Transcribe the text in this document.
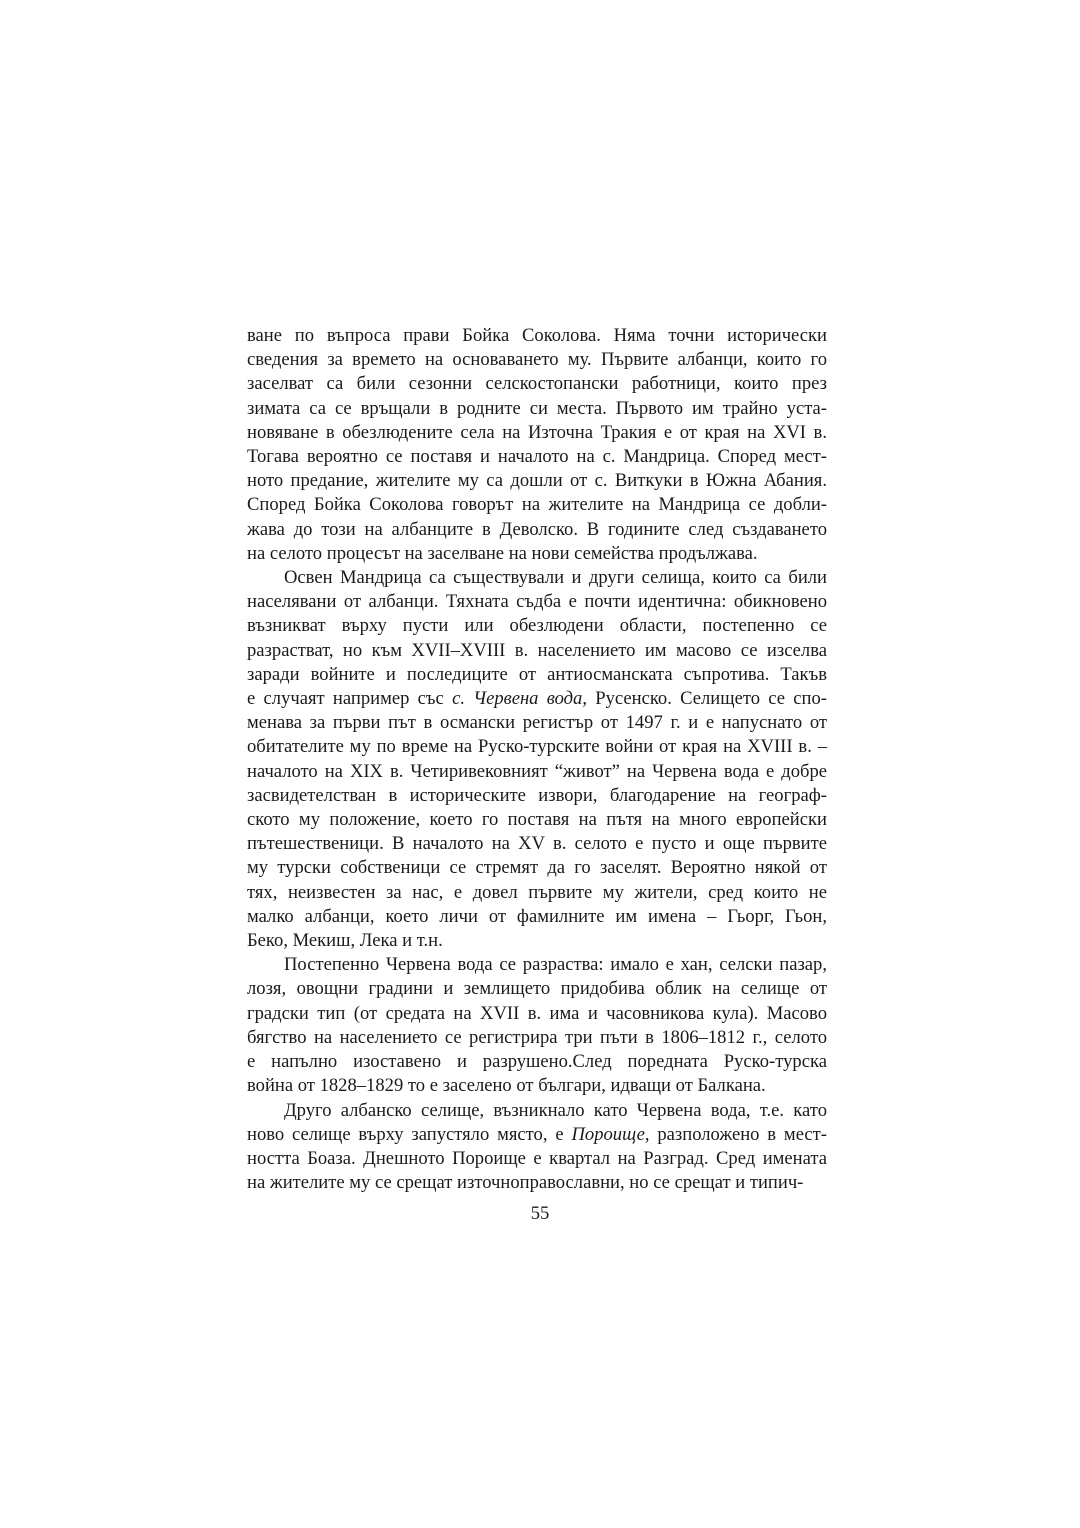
ване по въпроса прави Бойка Соколова. Няма точни исторически
сведения за времето на основаването му. Първите албанци, които го
заселват са били сезонни селскостопански работници, които през
зимата са се връщали в родните си места. Първото им трайно уста-
новяване в обезлюдените села на Източна Тракия е от края на XVI в.
Тогава вероятно се поставя и началото на с. Мандрица. Според мест-
ното предание, жителите му са дошли от с. Виткуки в Южна Абания.
Според Бойка Соколова говорът на жителите на Мандрица се добли-
жава до този на албанците в Деволско. В годините след създаването
на селото процесът на заселване на нови семейства продължава.
Освен Мандрица са съществували и други селища, които са били
населявани от албанци. Тяхната съдба е почти идентична: обикновено
възникват върху пусти или обезлюдени области, постепенно се
разрастват, но към XVII–XVIII в. населението им масово се изселва
заради войните и последиците от антиосманската съпротива. Такъв
е случаят например със с. Червена вода, Русенско. Селището се спо-
менава за първи път в османски регистър от 1497 г. и е напуснато от
обитателите му по време на Руско-турските войни от края на XVIII в. –
началото на XIX в. Четиривековният “живот” на Червена вода е добре
засвидетелстван в историческите извори, благодарение на географ-
ското му положение, което го поставя на пътя на много европейски
пътешественици. В началото на XV в. селото е пусто и още първите
му турски собственици се стремят да го заселят. Вероятно някой от
тях, неизвестен за нас, е довел първите му жители, сред които не
малко албанци, което личи от фамилните им имена – Гьорг, Гьон,
Беко, Мекиш, Лека и т.н.
Постепенно Червена вода се разраства: имало е хан, селски пазар,
лозя, овощни градини и землището придобива облик на селище от
градски тип (от средата на XVII в. има и часовникова кула). Масово
бягство на населението се регистрира три пъти в 1806–1812 г., селото
е напълно изоставено и разрушено.След поредната Руско-турска
война от 1828–1829 то е заселено от българи, идващи от Балкана.
Друго албанско селище, възникнало като Червена вода, т.е. като
ново селище върху запустяло място, е Пороище, разположено в мест-
ността Боаза. Днешното Пороище е квартал на Разград. Сред имената
на жителите му се срещат източноправославни, но се срещат и типич-
55
